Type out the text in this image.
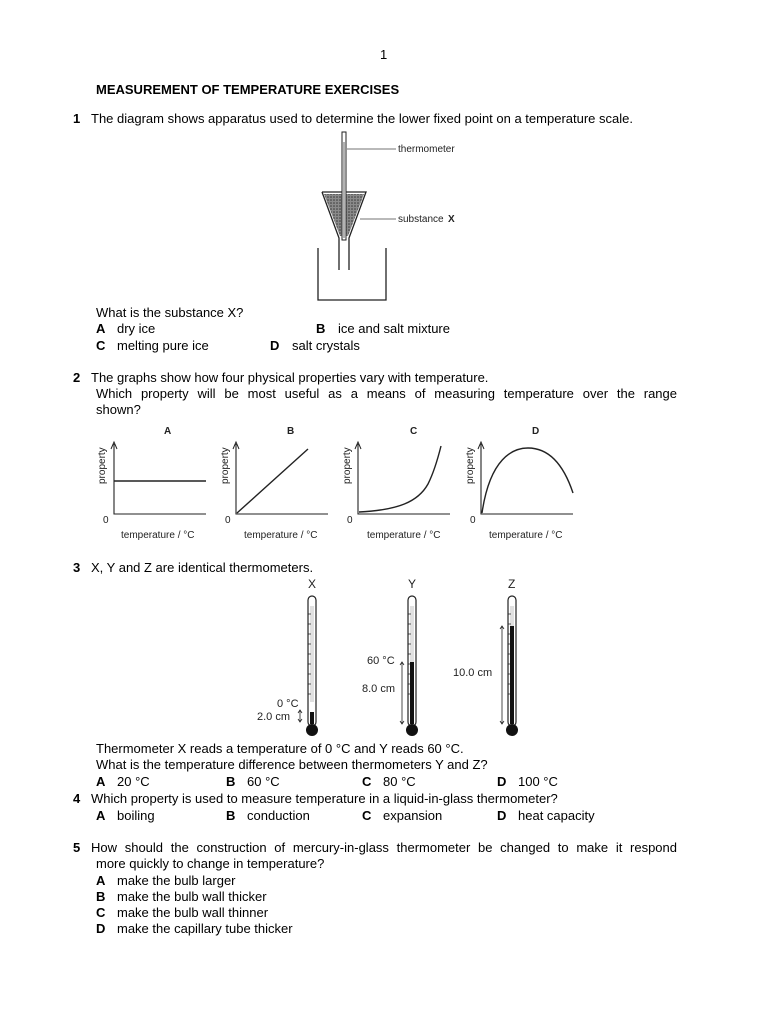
1
MEASUREMENT OF TEMPERATURE EXERCISES
1 The diagram shows apparatus used to determine the lower fixed point on a temperature scale.
thermometer
substance X
What is the substance X?
A dry ice	B ice and salt mixture
C melting pure ice	D salt crystals
2 The graphs show how four physical properties vary with temperature.
Which property will be most useful as a means of measuring temperature over the range
shown?
A
property
0
temperature / °C
B
property
0
temperature / °C
C
property
0
temperature / °C
D
property
0
temperature / °C
3 X, Y and Z are identical thermometers.
X
0 °C
2.0 cm
Y
60 °C
8.0 cm
Z
10.0 cm
Thermometer X reads a temperature of 0 °C and Y reads 60 °C.
What is the temperature difference between thermometers Y and Z?
A 20 °C	B 60 °C	C 80 °C	D 100 °C
4 Which property is used to measure temperature in a liquid-in-glass thermometer?
A boiling	B conduction	C expansion	D heat capacity
5 How should the construction of mercury-in-glass thermometer be changed to make it respond
more quickly to change in temperature?
A make the bulb larger
B make the bulb wall thicker
C make the bulb wall thinner
D make the capillary tube thicker
